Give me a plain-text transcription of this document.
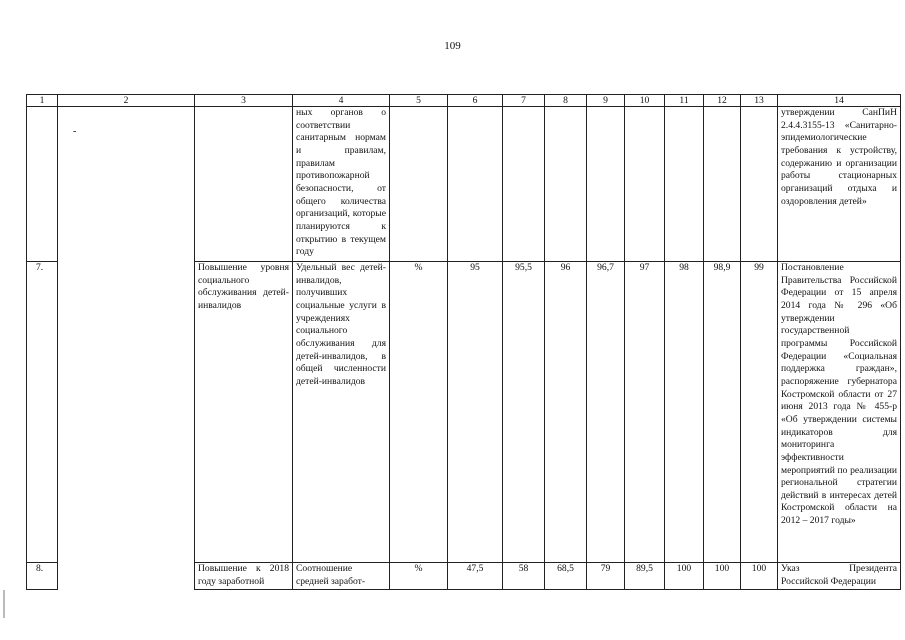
109
1	2	3	4	5	6	7	8	9	10	11	12	13	14

	-		ных органов о соответствии санитарным нормам и правилам, правилам противопожарной безопасности, от общего количества организаций, которые планируются к открытию в текущем году										утверждении СанПиН 2.4.4.3155-13 «Санитарно-эпидемиологические требования к устройству, содержанию и организации работы стационарных организаций отдыха и оздоровления детей»
7.		Повышение уровня социального обслуживания детей-инвалидов	Удельный вес детей-инвалидов, получивших социальные услуги в учреждениях социального обслуживания для детей-инвалидов, в общей численности детей-инвалидов	%	95	95,5	96	96,7	97	98	98,9	99	Постановление Правительства Российской Федерации от 15 апреля 2014 года № 296 «Об утверждении государственной программы Российской Федерации «Социальная поддержка граждан», распоряжение губернатора Костромской области от 27 июня 2013 года № 455-р «Об утверждении системы индикаторов для мониторинга эффективности мероприятий по реализации региональной стратегии действий в интересах детей Костромской области на 2012 – 2017 годы»
8.		Повышение к 2018 году заработной	Соотношение средней заработ-	%	47,5	58	68,5	79	89,5	100	100	100	Указ Президента Российской Федерации
